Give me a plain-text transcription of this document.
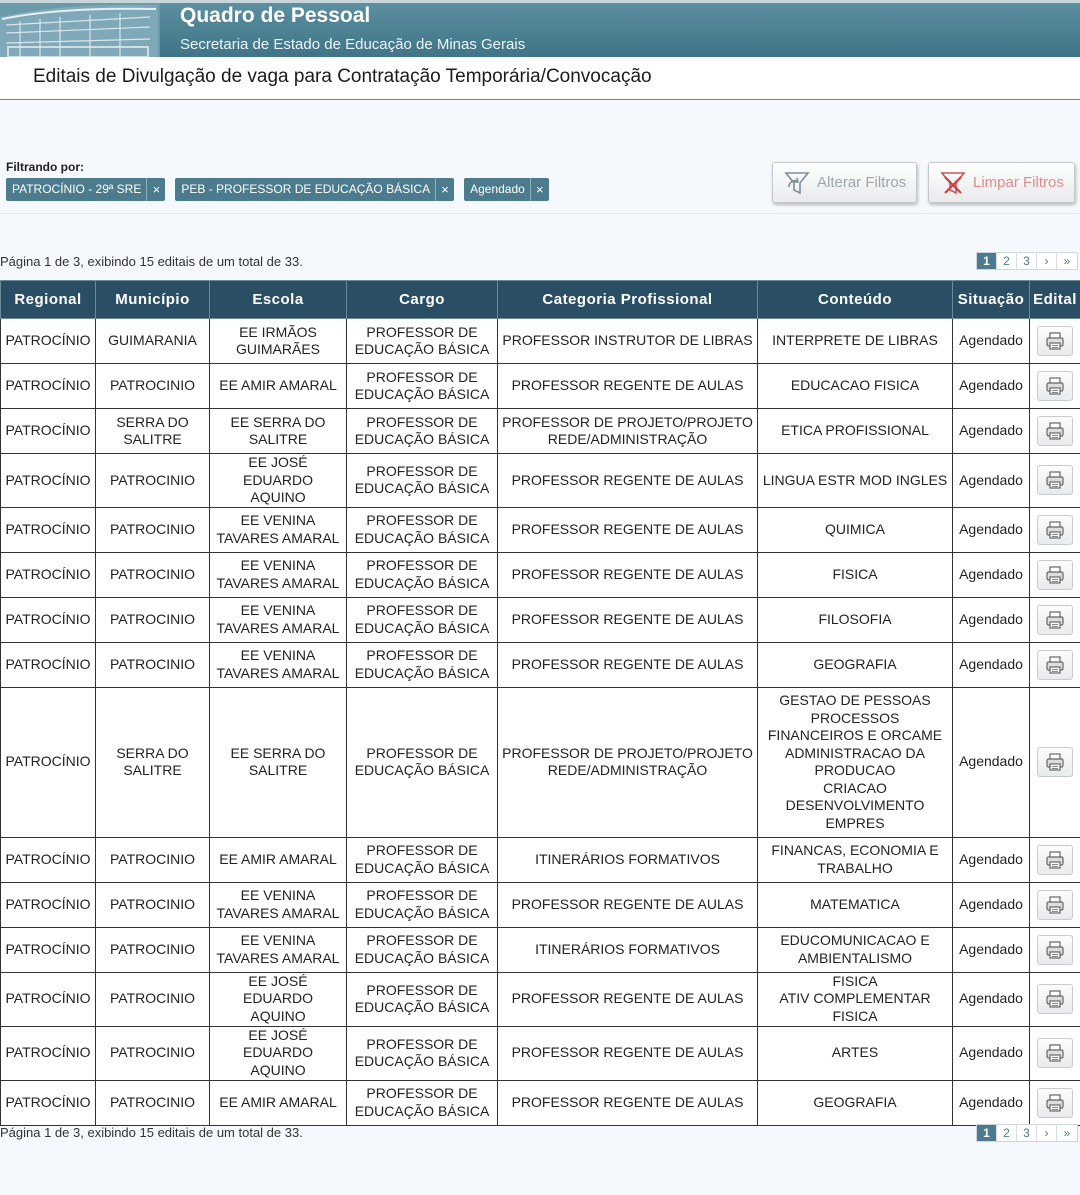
Quadro de Pessoal
Secretaria de Estado de Educação de Minas Gerais
Editais de Divulgação de vaga para Contratação Temporária/Convocação
Filtrando por:
PATROCÍNIO - 29ª SRE ×	PEB - PROFESSOR DE EDUCAÇÃO BÁSICA ×	Agendado ×	Alterar Filtros	Limpar Filtros
Página 1 de 3, exibindo 15 editais de um total de 33.	1	2	3	›	»
Regional	Município	Escola	Cargo	Categoria Profissional	Conteúdo	Situação	Edital
PATROCÍNIO	GUIMARANIA	EE IRMÃOS GUIMARÃES	PROFESSOR DE EDUCAÇÃO BÁSICA	PROFESSOR INSTRUTOR DE LIBRAS	INTERPRETE DE LIBRAS	Agendado	

PATROCÍNIO	PATROCINIO	EE AMIR AMARAL	PROFESSOR DE EDUCAÇÃO BÁSICA	PROFESSOR REGENTE DE AULAS	EDUCACAO FISICA	Agendado	

PATROCÍNIO	SERRA DO SALITRE	EE SERRA DO SALITRE	PROFESSOR DE EDUCAÇÃO BÁSICA	PROFESSOR DE PROJETO/PROJETO REDE/ADMINISTRAÇÃO	ETICA PROFISSIONAL	Agendado	

PATROCÍNIO	PATROCINIO	EE JOSÉ EDUARDO AQUINO	PROFESSOR DE EDUCAÇÃO BÁSICA	PROFESSOR REGENTE DE AULAS	LINGUA ESTR MOD INGLES	Agendado	

PATROCÍNIO	PATROCINIO	EE VENINA TAVARES AMARAL	PROFESSOR DE EDUCAÇÃO BÁSICA	PROFESSOR REGENTE DE AULAS	QUIMICA	Agendado	

PATROCÍNIO	PATROCINIO	EE VENINA TAVARES AMARAL	PROFESSOR DE EDUCAÇÃO BÁSICA	PROFESSOR REGENTE DE AULAS	FISICA	Agendado	

PATROCÍNIO	PATROCINIO	EE VENINA TAVARES AMARAL	PROFESSOR DE EDUCAÇÃO BÁSICA	PROFESSOR REGENTE DE AULAS	FILOSOFIA	Agendado	

PATROCÍNIO	PATROCINIO	EE VENINA TAVARES AMARAL	PROFESSOR DE EDUCAÇÃO BÁSICA	PROFESSOR REGENTE DE AULAS	GEOGRAFIA	Agendado	

PATROCÍNIO	SERRA DO SALITRE	EE SERRA DO SALITRE	PROFESSOR DE EDUCAÇÃO BÁSICA	PROFESSOR DE PROJETO/PROJETO REDE/ADMINISTRAÇÃO	GESTAO DE PESSOAS
PROCESSOS FINANCEIROS E ORCAME
ADMINISTRACAO DA PRODUCAO
CRIACAO DESENVOLVIMENTO EMPRES	Agendado	

PATROCÍNIO	PATROCINIO	EE AMIR AMARAL	PROFESSOR DE EDUCAÇÃO BÁSICA	ITINERÁRIOS FORMATIVOS	FINANCAS, ECONOMIA E TRABALHO	Agendado	

PATROCÍNIO	PATROCINIO	EE VENINA TAVARES AMARAL	PROFESSOR DE EDUCAÇÃO BÁSICA	PROFESSOR REGENTE DE AULAS	MATEMATICA	Agendado	

PATROCÍNIO	PATROCINIO	EE VENINA TAVARES AMARAL	PROFESSOR DE EDUCAÇÃO BÁSICA	ITINERÁRIOS FORMATIVOS	EDUCOMUNICACAO E AMBIENTALISMO	Agendado	

PATROCÍNIO	PATROCINIO	EE JOSÉ EDUARDO AQUINO	PROFESSOR DE EDUCAÇÃO BÁSICA	PROFESSOR REGENTE DE AULAS	FISICA
ATIV COMPLEMENTAR FISICA	Agendado	

PATROCÍNIO	PATROCINIO	EE JOSÉ EDUARDO AQUINO	PROFESSOR DE EDUCAÇÃO BÁSICA	PROFESSOR REGENTE DE AULAS	ARTES	Agendado	

PATROCÍNIO	PATROCINIO	EE AMIR AMARAL	PROFESSOR DE EDUCAÇÃO BÁSICA	PROFESSOR REGENTE DE AULAS	GEOGRAFIA	Agendado	
Página 1 de 3, exibindo 15 editais de um total de 33.	1	2	3	›	»
